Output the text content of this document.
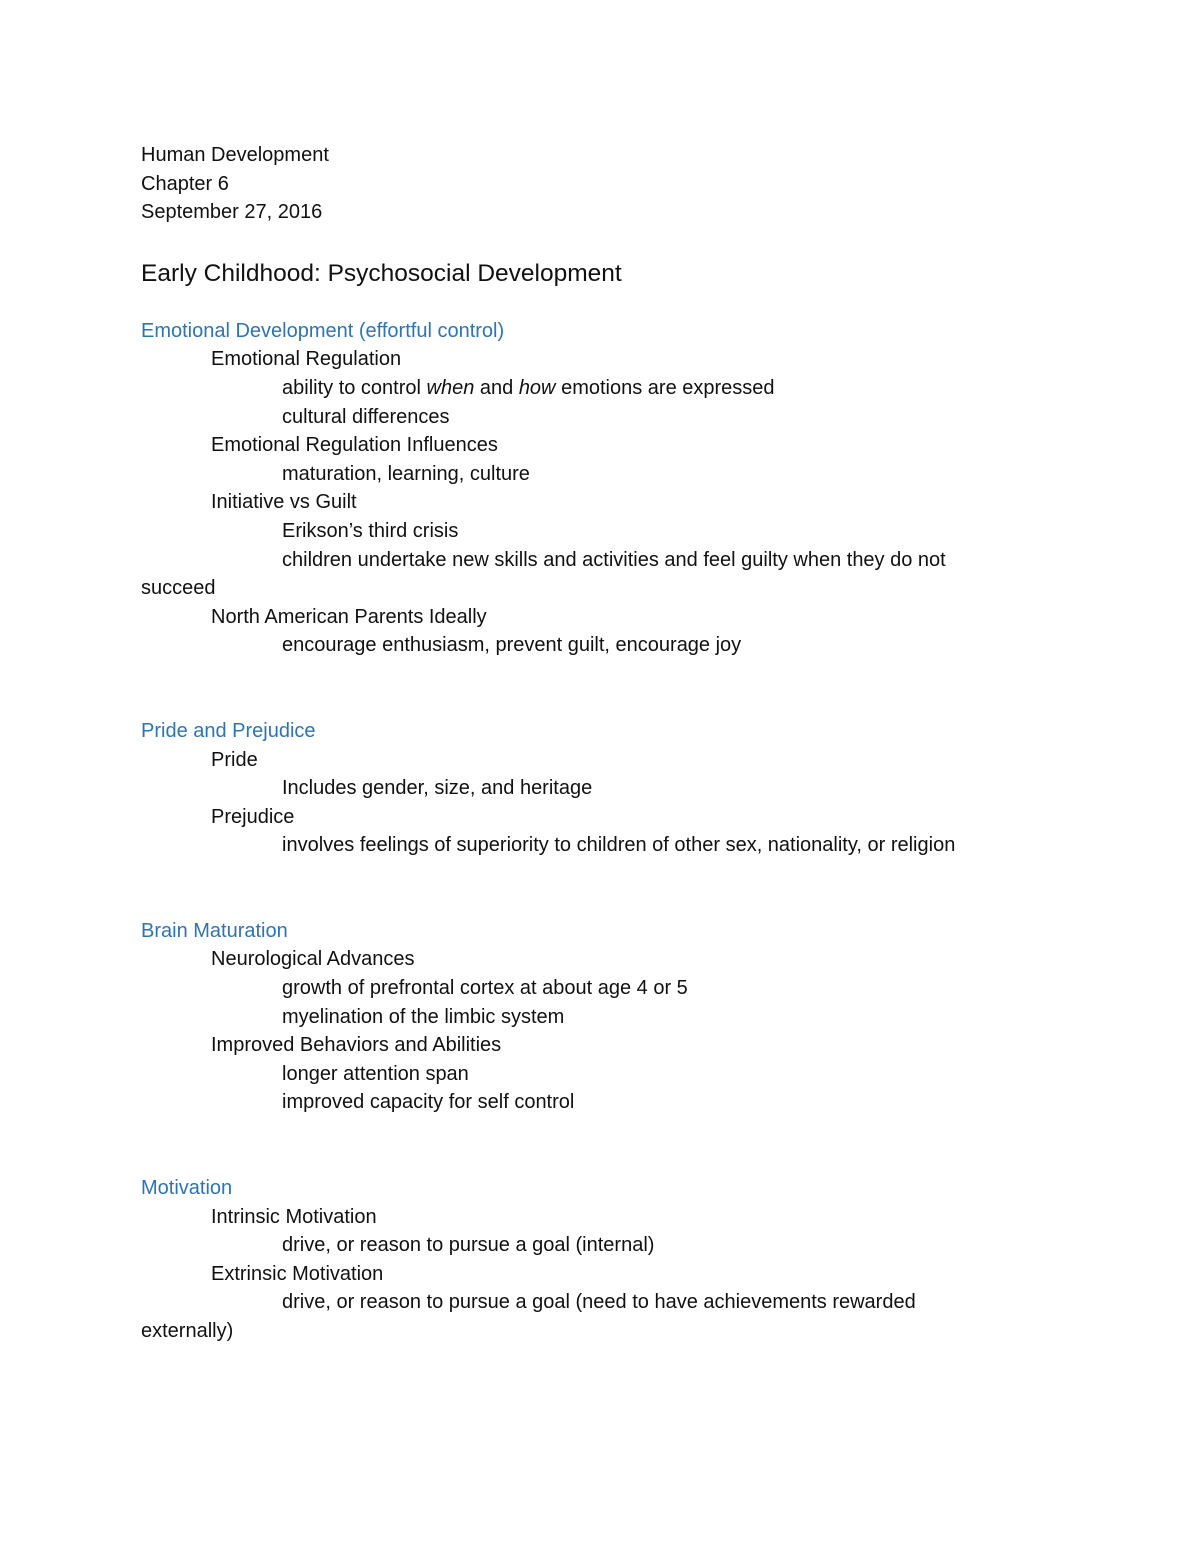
Human Development
Chapter 6
September 27, 2016
Early Childhood: Psychosocial Development
Emotional Development (effortful control)
Emotional Regulation
ability to control when and how emotions are expressed
cultural differences
Emotional Regulation Influences
maturation, learning, culture
Initiative vs Guilt
Erikson’s third crisis
children undertake new skills and activities and feel guilty when they do not
succeed
North American Parents Ideally
encourage enthusiasm, prevent guilt, encourage joy
Pride and Prejudice
Pride
Includes gender, size, and heritage
Prejudice
involves feelings of superiority to children of other sex, nationality, or religion
Brain Maturation
Neurological Advances
growth of prefrontal cortex at about age 4 or 5
myelination of the limbic system
Improved Behaviors and Abilities
longer attention span
improved capacity for self control
Motivation
Intrinsic Motivation
drive, or reason to pursue a goal (internal)
Extrinsic Motivation
drive, or reason to pursue a goal (need to have achievements rewarded
externally)
